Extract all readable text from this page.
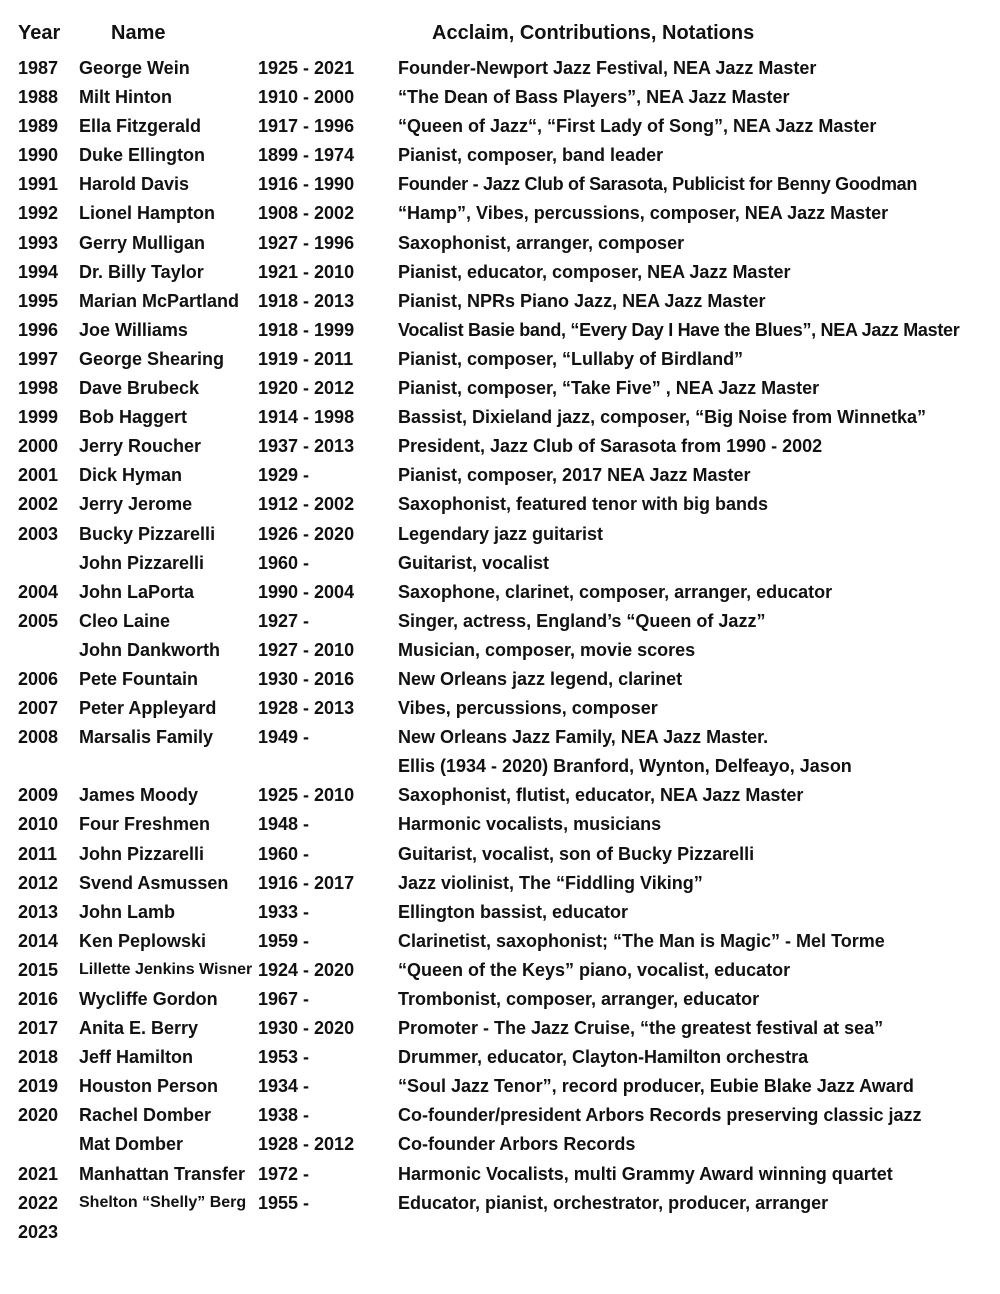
Year	Name	Acclaim, Contributions, Notations
1987 George Wein	1925 - 2021 Founder-Newport Jazz Festival, NEA Jazz Master
1988 Milt Hinton	1910 - 2000 “The Dean of Bass Players”, NEA Jazz Master
1989 Ella Fitzgerald	1917 - 1996 “Queen of Jazz“, “First Lady of Song”, NEA Jazz Master
1990 Duke Ellington	1899 - 1974 Pianist, composer, band leader
1991 Harold Davis	1916 - 1990 Founder - Jazz Club of Sarasota, Publicist for Benny Goodman
1992 Lionel Hampton 1908 - 2002 “Hamp”, Vibes, percussions, composer, NEA Jazz Master
1993 Gerry Mulligan	1927 - 1996 Saxophonist, arranger, composer
1994 Dr. Billy Taylor	1921 - 2010 Pianist, educator, composer, NEA Jazz Master
1995 Marian McPartland 1918 - 2013 Pianist, NPRs Piano Jazz, NEA Jazz Master
1996 Joe Williams	1918 - 1999 Vocalist Basie band, “Every Day I Have the Blues”, NEA Jazz Master
1997 George Shearing 1919 - 2011 Pianist, composer, “Lullaby of Birdland”
1998 Dave Brubeck	1920 - 2012 Pianist, composer, “Take Five” , NEA Jazz Master
1999 Bob Haggert	1914 - 1998 Bassist, Dixieland jazz, composer, “Big Noise from Winnetka”
2000 Jerry Roucher	1937 - 2013 President, Jazz Club of Sarasota from 1990 - 2002
2001 Dick Hyman	1929 -	Pianist, composer, 2017 NEA Jazz Master
2002 Jerry Jerome	1912 - 2002 Saxophonist, featured tenor with big bands
2003 Bucky Pizzarelli 1926 - 2020 Legendary jazz guitarist
John Pizzarelli	1960 -	Guitarist, vocalist
2004 John LaPorta	1990 - 2004 Saxophone, clarinet, composer, arranger, educator
2005 Cleo Laine	1927 -	Singer, actress, England’s “Queen of Jazz”
John Dankworth 1927 - 2010 Musician, composer, movie scores
2006 Pete Fountain	1930 - 2016 New Orleans jazz legend, clarinet
2007 Peter Appleyard 1928 - 2013 Vibes, percussions, composer
2008 Marsalis Family 1949 -	New Orleans Jazz Family, NEA Jazz Master.
Ellis (1934 - 2020) Branford, Wynton, Delfeayo, Jason
2009 James Moody	1925 - 2010 Saxophonist, flutist, educator, NEA Jazz Master
2010 Four Freshmen	1948 -	Harmonic vocalists, musicians
2011 John Pizzarelli	1960 -	Guitarist, vocalist, son of Bucky Pizzarelli
2012 Svend Asmussen 1916 - 2017 Jazz violinist, The “Fiddling Viking”
2013 John Lamb	1933 -	Ellington bassist, educator
2014 Ken Peplowski	1959 -	Clarinetist, saxophonist; “The Man is Magic” - Mel Torme
2015 Lillette Jenkins Wisner 1924 - 2020 “Queen of the Keys” piano, vocalist, educator
2016 Wycliffe Gordon 1967 -	Trombonist, composer, arranger, educator
2017 Anita E. Berry	1930 - 2020 Promoter - The Jazz Cruise, “the greatest festival at sea”
2018 Jeff Hamilton	1953 -	Drummer, educator, Clayton-Hamilton orchestra
2019 Houston Person 1934 -	“Soul Jazz Tenor”, record producer, Eubie Blake Jazz Award
2020 Rachel Domber	1938 -	Co-founder/president Arbors Records preserving classic jazz
Mat Domber	1928 - 2012 Co-founder Arbors Records
2021 Manhattan Transfer 1972 -	Harmonic Vocalists, multi Grammy Award winning quartet
2022 Shelton “Shelly” Berg 1955 -	Educator, pianist, orchestrator, producer, arranger
2023
